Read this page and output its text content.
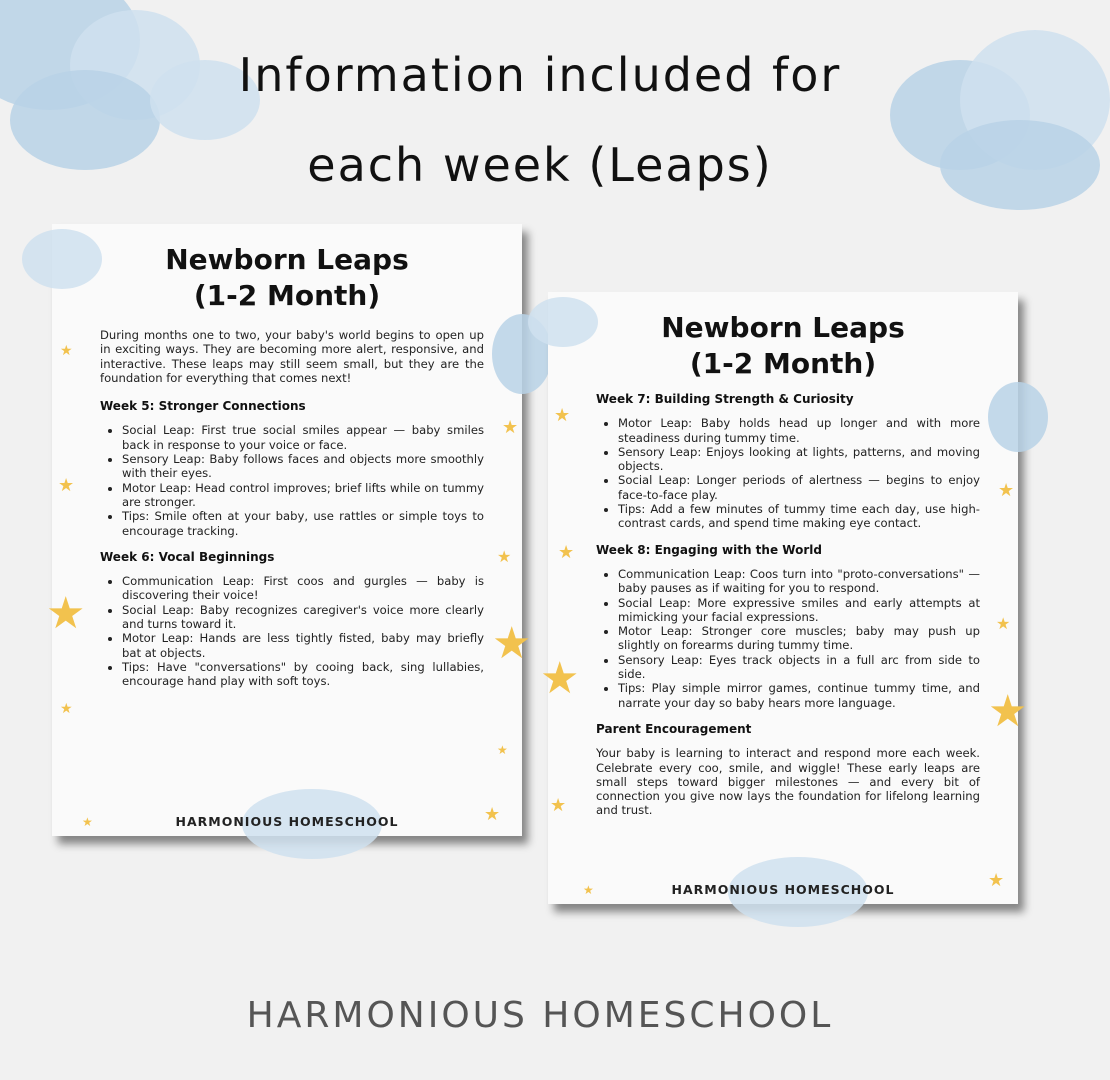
Information included for
each week (Leaps)
★
★
★
★
★
★
★
★
★
★
Newborn Leaps
(1-2 Month)

During months one to two, your baby's world begins to open up in exciting ways. They are becoming more alert, responsive, and interactive. These leaps may still seem small, but they are the foundation for everything that comes next!

Week 5: Stronger Connections
• Social Leap: First true social smiles appear — baby smiles back in response to your voice or face.
• Sensory Leap: Baby follows faces and objects more smoothly with their eyes.
• Motor Leap: Head control improves; brief lifts while on tummy are stronger.
• Tips: Smile often at your baby, use rattles or simple toys to encourage tracking.
Week 6: Vocal Beginnings
• Communication Leap: First coos and gurgles — baby is discovering their voice!
• Social Leap: Baby recognizes caregiver's voice more clearly and turns toward it.
• Motor Leap: Hands are less tightly fisted, baby may briefly bat at objects.
• Tips: Have "conversations" by cooing back, sing lullabies, encourage hand play with soft toys.
HARMONIOUS HOMESCHOOL
★
★
★
★
★
★
★
★
★
Newborn Leaps
(1-2 Month)
Week 7: Building Strength & Curiosity
• Motor Leap: Baby holds head up longer and with more steadiness during tummy time.
• Sensory Leap: Enjoys looking at lights, patterns, and moving objects.
• Social Leap: Longer periods of alertness — begins to enjoy face-to-face play.
• Tips: Add a few minutes of tummy time each day, use high-contrast cards, and spend time making eye contact.
Week 8: Engaging with the World
• Communication Leap: Coos turn into "proto-conversations" — baby pauses as if waiting for you to respond.
• Social Leap: More expressive smiles and early attempts at mimicking your facial expressions.
• Motor Leap: Stronger core muscles; baby may push up slightly on forearms during tummy time.
• Sensory Leap: Eyes track objects in a full arc from side to side.
• Tips: Play simple mirror games, continue tummy time, and narrate your day so baby hears more language.
Parent Encouragement

Your baby is learning to interact and respond more each week. Celebrate every coo, smile, and wiggle! These early leaps are small steps toward bigger milestones — and every bit of connection you give now lays the foundation for lifelong learning and trust.

HARMONIOUS HOMESCHOOL
HARMONIOUS HOMESCHOOL
